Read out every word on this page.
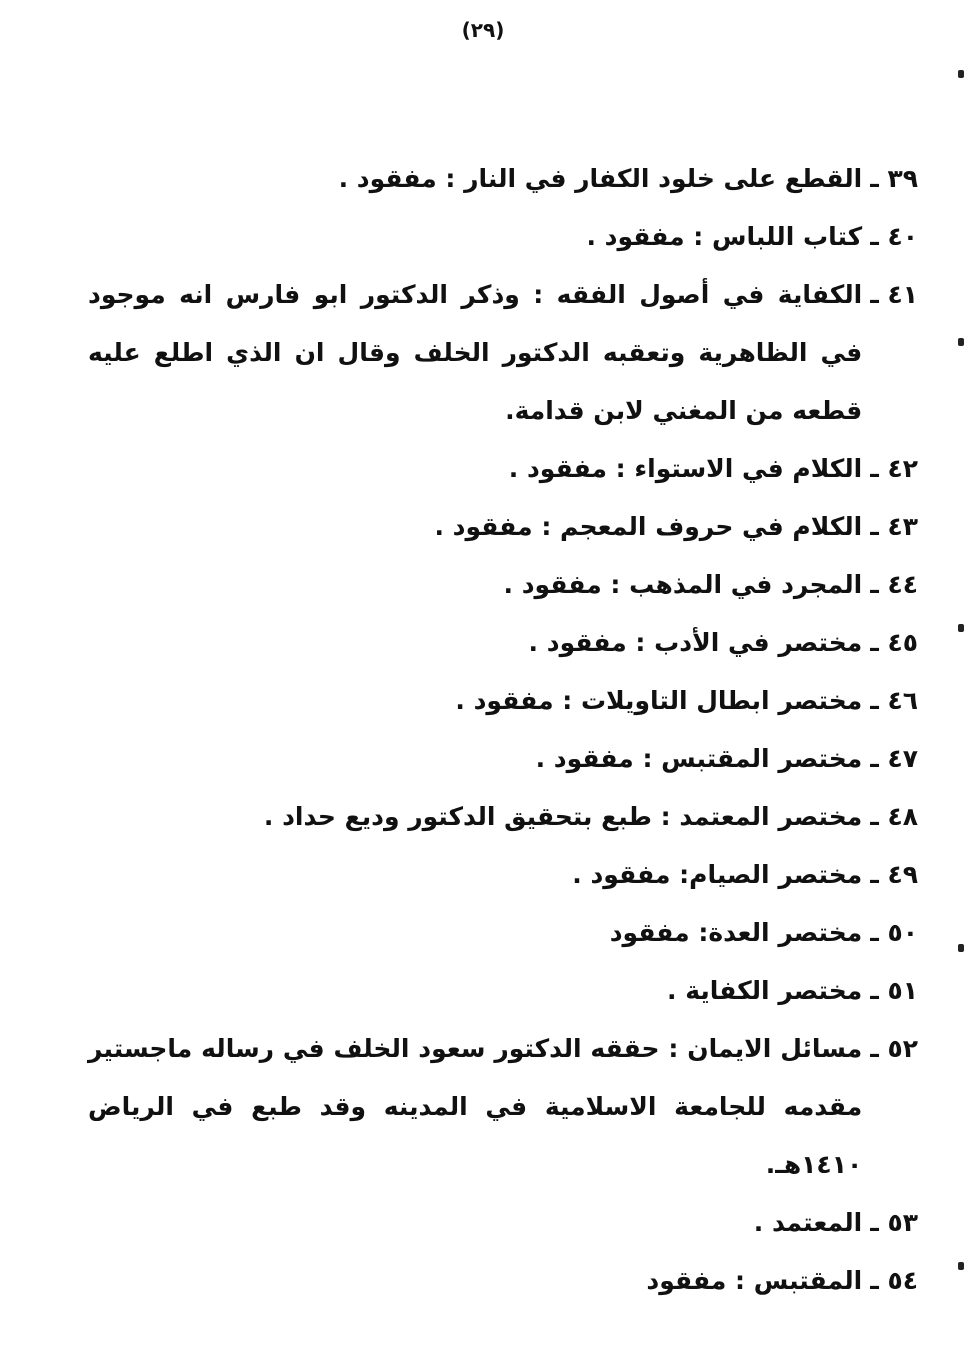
(٢٩)
٣٩ ـ
القطع على خلود الكفار في النار : مفقود .
٤٠ ـ
كتاب اللباس : مفقود .
٤١ ـ
الكفاية في أصول الفقه : وذكر الدكتور ابو فارس انه موجود في الظاهرية وتعقبه الدكتور الخلف وقال ان الذي اطلع عليه قطعه من المغني لابن قدامة.
٤٢ ـ
الكلام في الاستواء : مفقود .
٤٣ ـ
الكلام في حروف المعجم : مفقود .
٤٤ ـ
المجرد في المذهب : مفقود .
٤٥ ـ
مختصر في الأدب : مفقود .
٤٦ ـ
مختصر ابطال التاويلات : مفقود .
٤٧ ـ
مختصر المقتبس : مفقود .
٤٨ ـ
مختصر المعتمد : طبع بتحقيق الدكتور وديع حداد .
٤٩ ـ
مختصر الصيام: مفقود .
٥٠ ـ
مختصر العدة: مفقود
٥١ ـ
مختصر الكفاية .
٥٢ ـ
مسائل الايمان : حققه الدكتور سعود الخلف في رساله ماجستير مقدمه للجامعة الاسلامية في المدينه وقد طبع في الرياض ١٤١٠هـ.
٥٣ ـ
المعتمد .
٥٤ ـ
المقتبس : مفقود
